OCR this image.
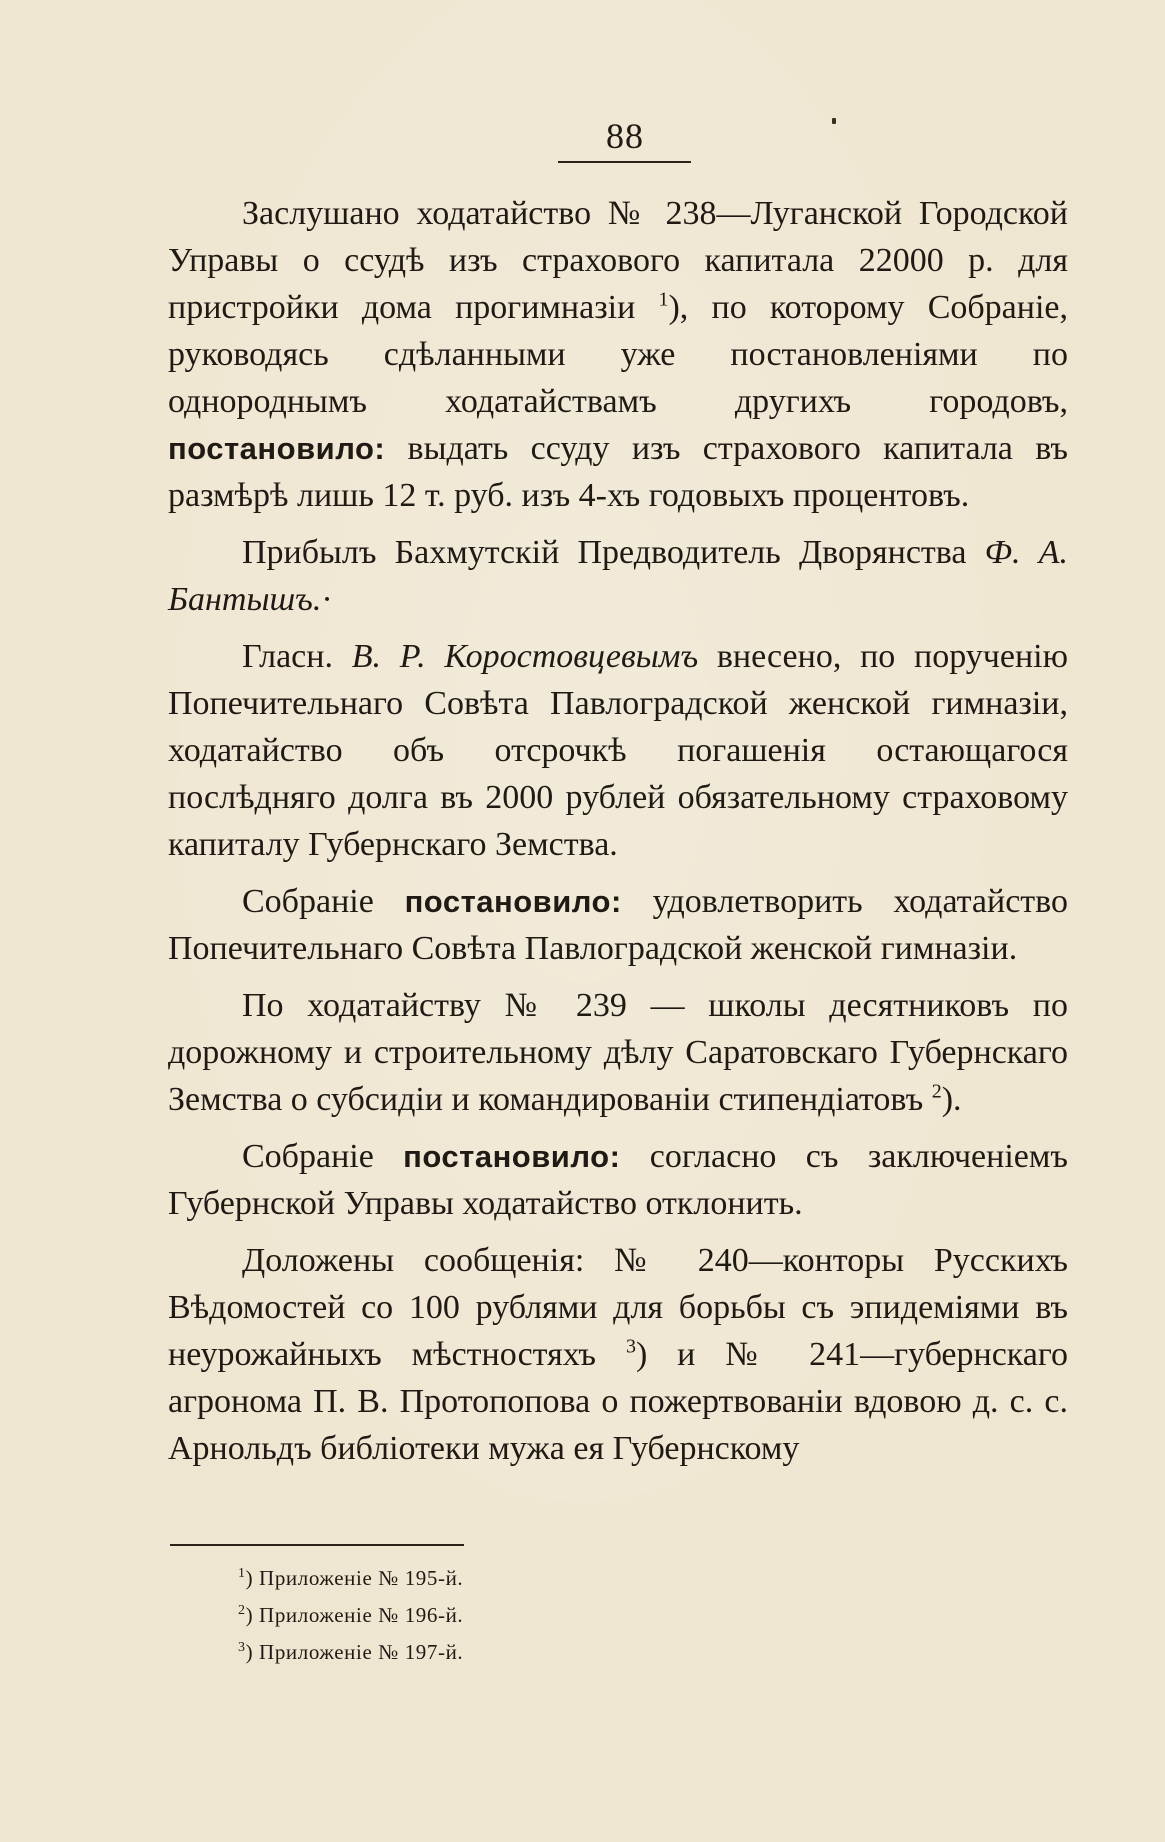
88

Заслушано ходатайство № 238—Луганской Городской Управы о ссудѣ изъ страхового капитала 22000 р. для пристройки дома прогимназіи $^1$), по которому Собраніе, руководясь сдѣланными уже постановленіями по однороднымъ ходатайствамъ другихъ городовъ, постановило: выдать ссуду изъ страхового капитала въ размѣрѣ лишь 12 т. руб. изъ 4-хъ годовыхъ процентовъ.

Прибылъ Бахмутскій Предводитель Дворянства Ф. А. Бантышъ.·

Гласн. В. Р. Коростовцевымъ внесено, по порученію Попечительнаго Совѣта Павлоградской женской гимназіи, ходатайство объ отсрочкѣ погашенія остающагося послѣдняго долга въ 2000 рублей обязательному страховому капиталу Губернскаго Земства.

Собраніе постановило: удовлетворить ходатайство Попечительнаго Совѣта Павлоградской женской гимназіи.

По ходатайству № 239 — школы десятниковъ по дорожному и строительному дѣлу Саратовскаго Губернскаго Земства о субсидіи и командированіи стипендіатовъ $^2$).

Собраніе постановило: согласно съ заключеніемъ Губернской Управы ходатайство отклонить.

Доложены сообщенія: № 240—конторы Русскихъ Вѣдомостей со 100 рублями для борьбы съ эпидеміями въ неурожайныхъ мѣстностяхъ $^3$) и № 241—губернскаго агронома П. В. Протопопова о пожертвованіи вдовою д. с. с. Арнольдъ библіотеки мужа ея Губернскому

$^1$) Приложеніе № 195-й.
$^2$) Приложеніе № 196-й.
$^3$) Приложеніе № 197-й.
